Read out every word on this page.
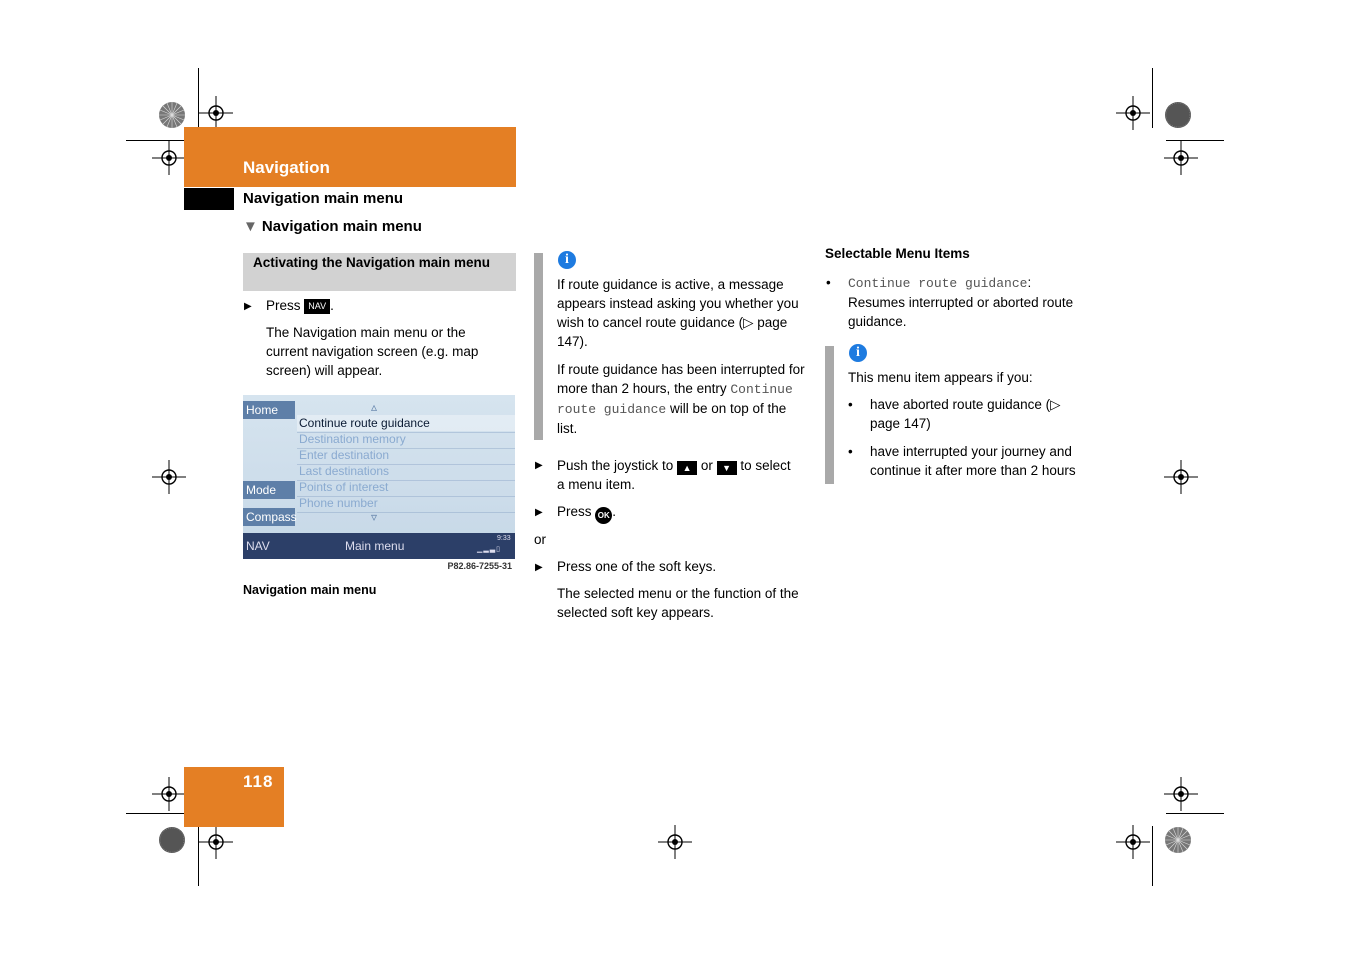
Navigation
Navigation main menu
▼ Navigation main menu
Activating the Navigation main menu
▶ Press NAV .
The Navigation main menu or the current navigation screen (e.g. map screen) will appear.
Home
Mode
Compass
▵
Continue route guidance
Destination memory
Enter destination
Last destinations
Points of interest
Phone number
▿
NAV	Main menu
9:33
▁▂▃▯
P82.86-7255-31
Navigation main menu
i
If route guidance is active, a message appears instead asking you whether you wish to cancel route guidance (▷ page 147).
If route guidance has been interrupted for more than 2 hours, the entry Continue route guidance will be on top of the list.
▶ Push the joystick to ▲ or ▼ to select a menu item.
▶ Press OK .
or
▶ Press one of the soft keys.
The selected menu or the function of the selected soft key appears.
Selectable Menu Items
• Continue route guidance:
Resumes interrupted or aborted route guidance.
i
This menu item appears if you:
• have aborted route guidance (▷ page 147)
• have interrupted your journey and continue it after more than 2 hours
118
